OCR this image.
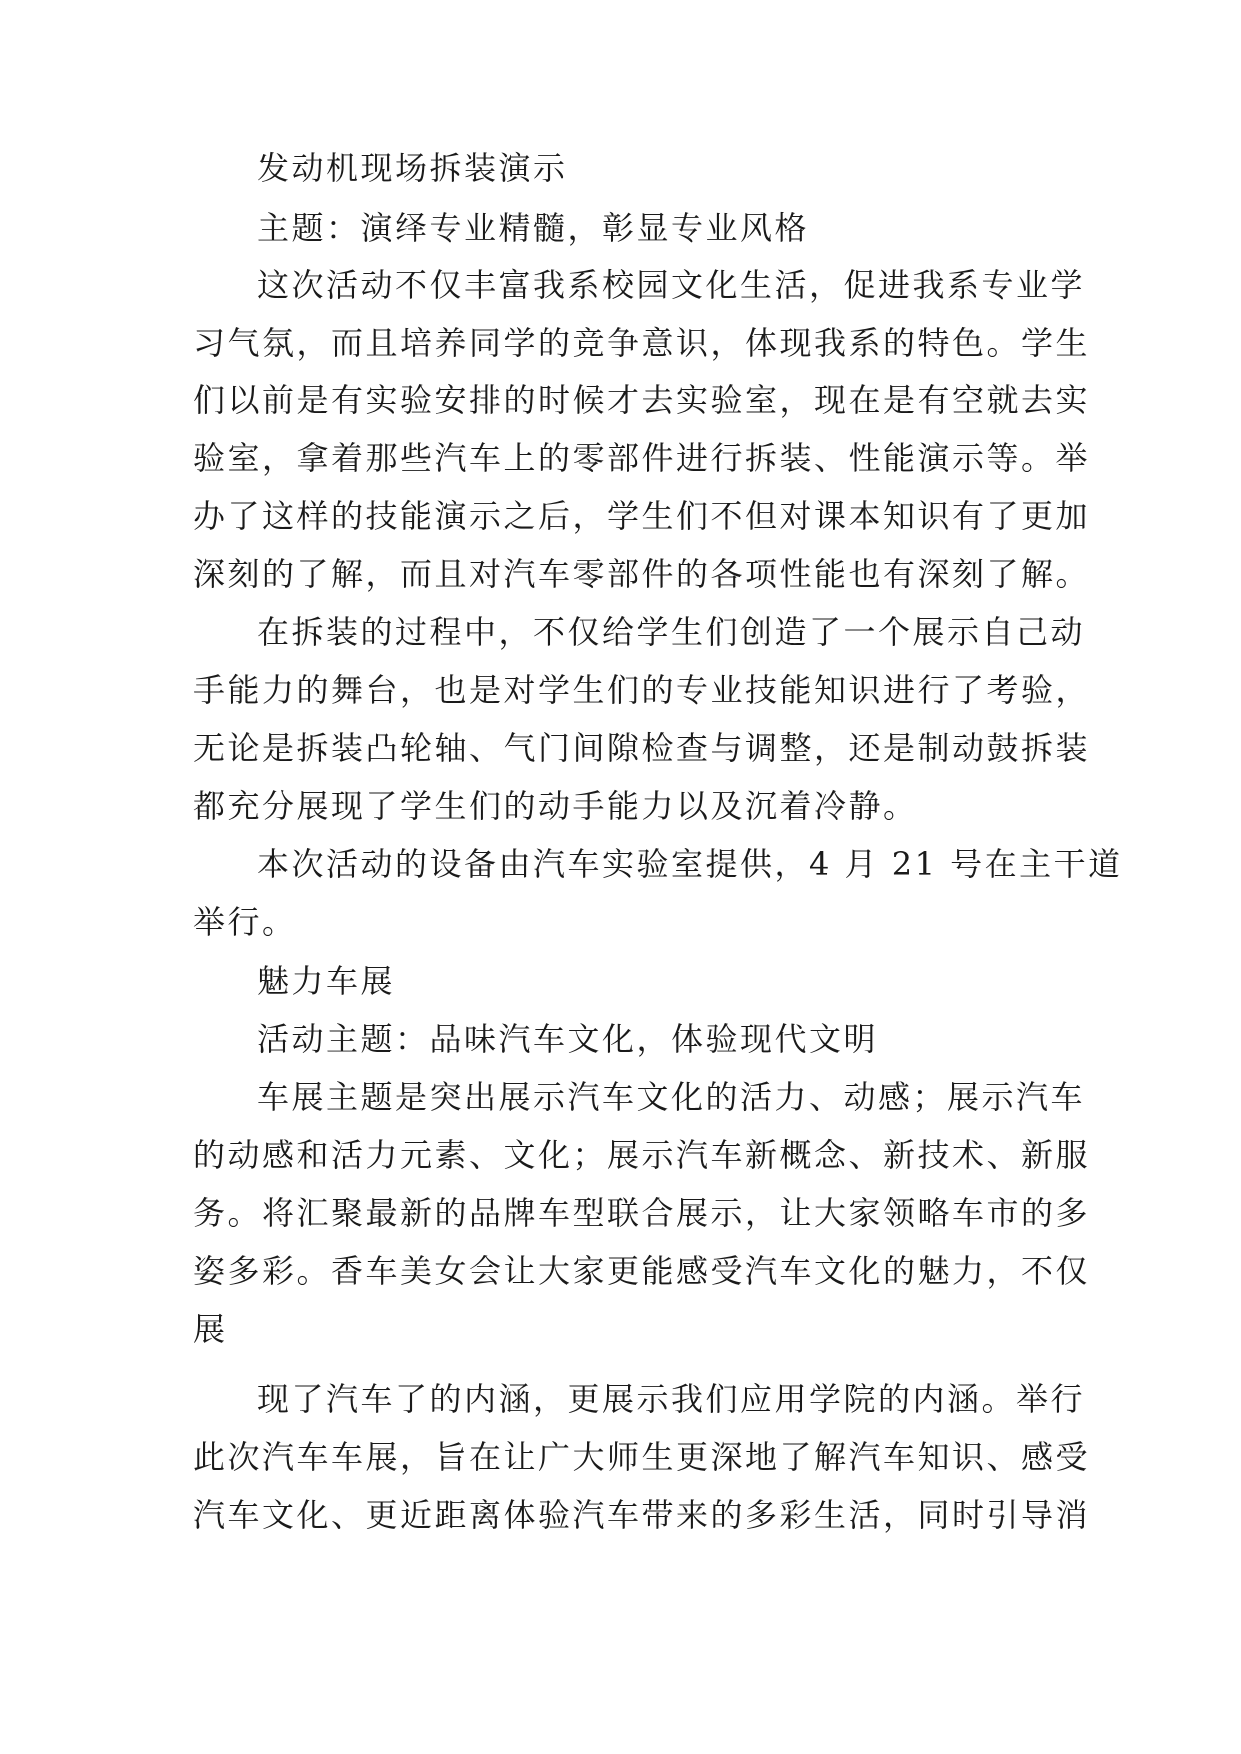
发动机现场拆装演示
主题：演绎专业精髓，彰显专业风格
这次活动不仅丰富我系校园文化生活，促进我系专业学
习气氛，而且培养同学的竞争意识，体现我系的特色。学生
们以前是有实验安排的时候才去实验室，现在是有空就去实
验室，拿着那些汽车上的零部件进行拆装、性能演示等。举
办了这样的技能演示之后，学生们不但对课本知识有了更加
深刻的了解，而且对汽车零部件的各项性能也有深刻了解。
在拆装的过程中，不仅给学生们创造了一个展示自己动
手能力的舞台，也是对学生们的专业技能知识进行了考验，
无论是拆装凸轮轴、气门间隙检查与调整，还是制动鼓拆装
都充分展现了学生们的动手能力以及沉着冷静。
本次活动的设备由汽车实验室提供，4 月 21 号在主干道
举行。
魅力车展
活动主题：品味汽车文化，体验现代文明
车展主题是突出展示汽车文化的活力、动感；展示汽车
的动感和活力元素、文化；展示汽车新概念、新技术、新服
务。将汇聚最新的品牌车型联合展示，让大家领略车市的多
姿多彩。香车美女会让大家更能感受汽车文化的魅力，不仅
展
现了汽车了的内涵，更展示我们应用学院的内涵。举行
此次汽车车展，旨在让广大师生更深地了解汽车知识、感受
汽车文化、更近距离体验汽车带来的多彩生活，同时引导消
